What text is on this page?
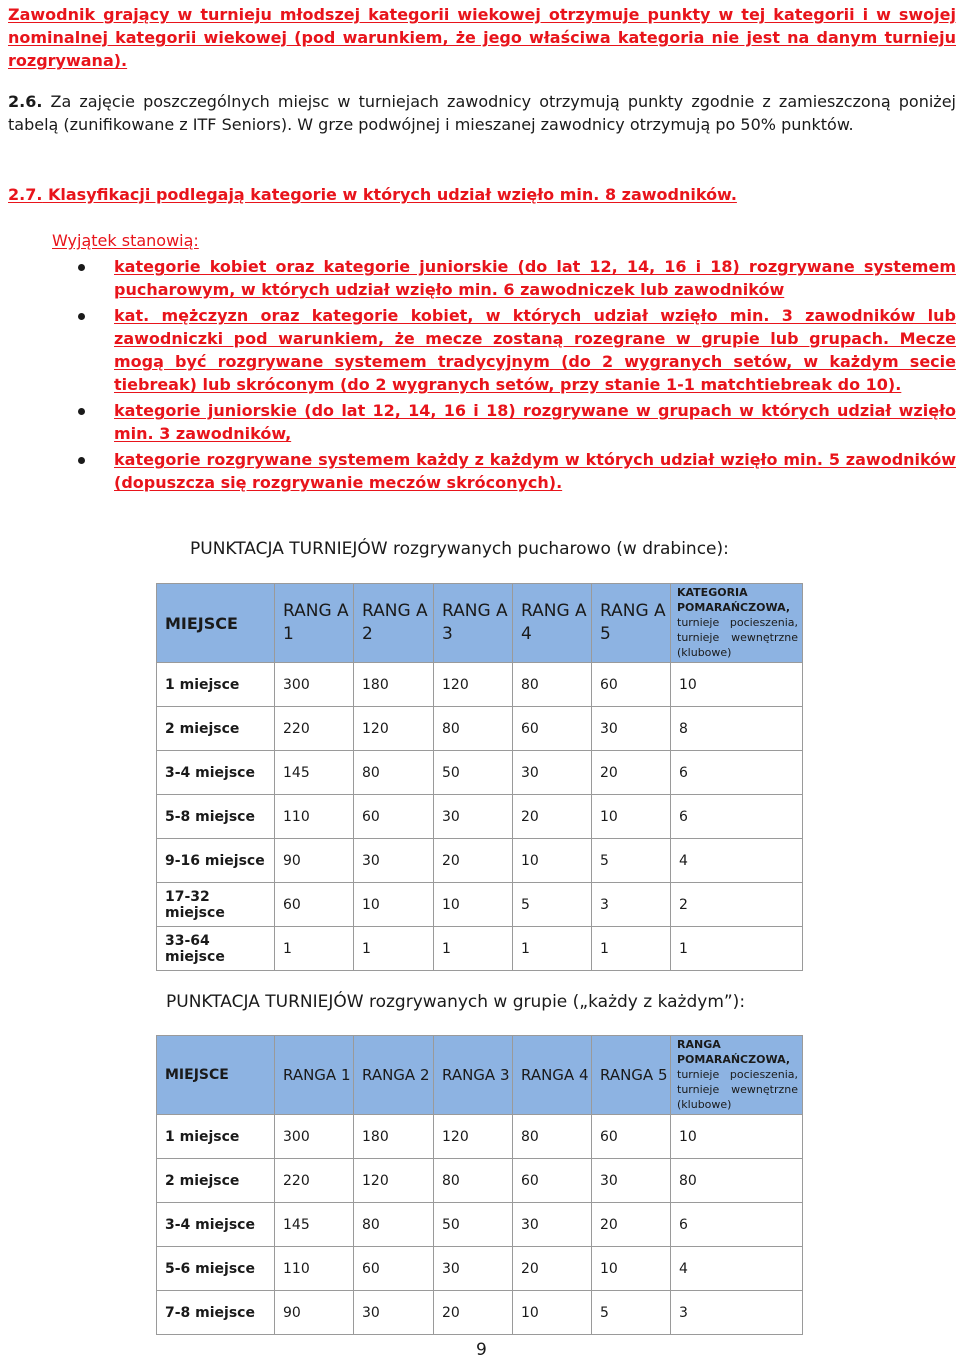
Zawodnik grający w turnieju młodszej kategorii wiekowej otrzymuje punkty w tej kategorii i w swojej nominalnej kategorii wiekowej (pod warunkiem, że jego właściwa kategoria nie jest na danym turnieju rozgrywana).
2.6. Za zajęcie poszczególnych miejsc w turniejach zawodnicy otrzymują punkty zgodnie z zamieszczoną poniżej tabelą (zunifikowane z ITF Seniors). W grze podwójnej i mieszanej zawodnicy otrzymują po 50% punktów.
2.7. Klasyfikacji podlegają kategorie w których udział wzięło min. 8 zawodników.
Wyjątek stanowią:
kategorie kobiet oraz kategorie juniorskie (do lat 12, 14, 16 i 18) rozgrywane systemem pucharowym, w których udział wzięło min. 6 zawodniczek lub zawodników
kat. mężczyzn oraz kategorie kobiet, w których udział wzięło min. 3 zawodników lub zawodniczki pod warunkiem, że mecze zostaną rozegrane w grupie lub grupach. Mecze mogą być rozgrywane systemem tradycyjnym (do 2 wygranych setów, w każdym secie tiebreak) lub skróconym (do 2 wygranych setów, przy stanie 1-1 matchtiebreak do 10).
kategorie juniorskie (do lat 12, 14, 16 i 18) rozgrywane w grupach w których udział wzięło min. 3 zawodników,
kategorie rozgrywane systemem każdy z każdym w których udział wzięło min. 5 zawodników (dopuszcza się rozgrywanie meczów skróconych).
PUNKTACJA TURNIEJÓW rozgrywanych pucharowo (w drabince):
MIEJSCE	RANG A 1	RANG A 2	RANG A 3	RANG A 4	RANG A 5	KATEGORIA POMARAŃCZOWA, turnieje pocieszenia, turnieje wewnętrzne (klubowe)
1 miejsce	300	180	120	80	60	10
2 miejsce	220	120	80	60	30	8
3-4 miejsce	145	80	50	30	20	6
5-8 miejsce	110	60	30	20	10	6
9-16 miejsce	90	30	20	10	5	4
17-32 miejsce	60	10	10	5	3	2
33-64 miejsce	1	1	1	1	1	1
PUNKTACJA TURNIEJÓW rozgrywanych w grupie („każdy z każdym”):
MIEJSCE	RANGA 1	RANGA 2	RANGA 3	RANGA 4	RANGA 5	RANGA POMARAŃCZOWA, turnieje pocieszenia, turnieje wewnętrzne (klubowe)
1 miejsce	300	180	120	80	60	10
2 miejsce	220	120	80	60	30	80
3-4 miejsce	145	80	50	30	20	6
5-6 miejsce	110	60	30	20	10	4
7-8 miejsce	90	30	20	10	5	3
9
